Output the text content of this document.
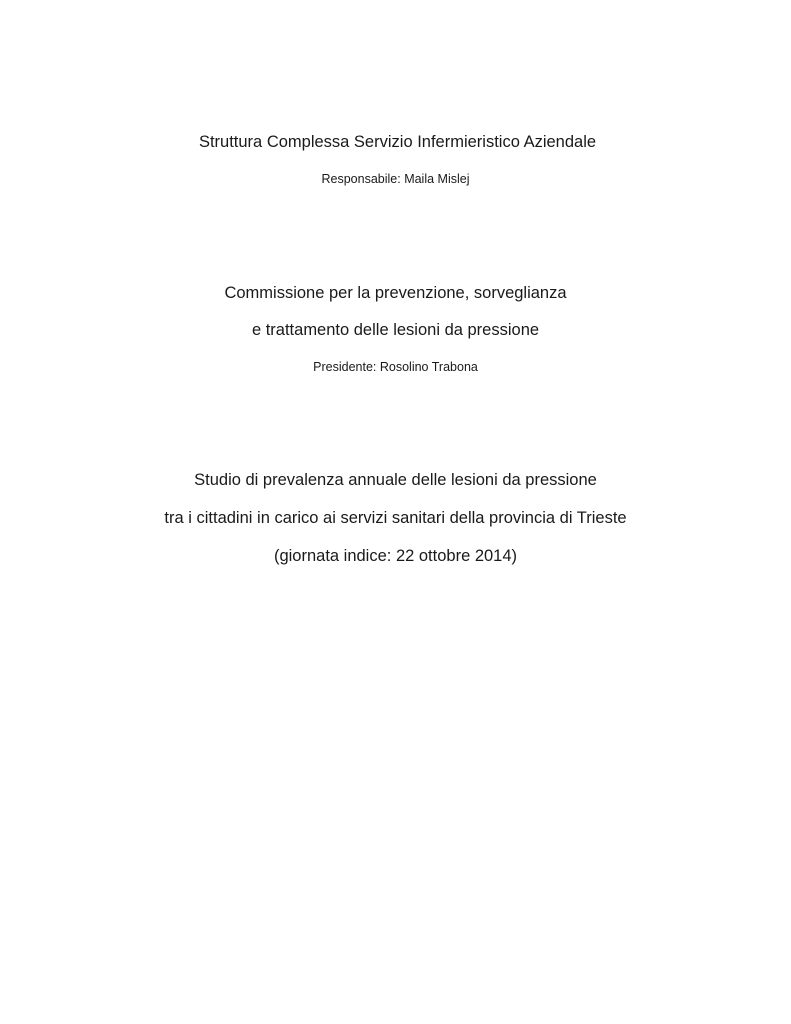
Struttura Complessa Servizio Infermieristico Aziendale
Responsabile: Maila Mislej
Commissione per la prevenzione, sorveglianza
e trattamento delle lesioni da pressione
Presidente: Rosolino Trabona
Studio di prevalenza annuale delle lesioni da pressione
tra i cittadini in carico ai servizi sanitari della provincia di Trieste
(giornata indice: 22 ottobre 2014)
